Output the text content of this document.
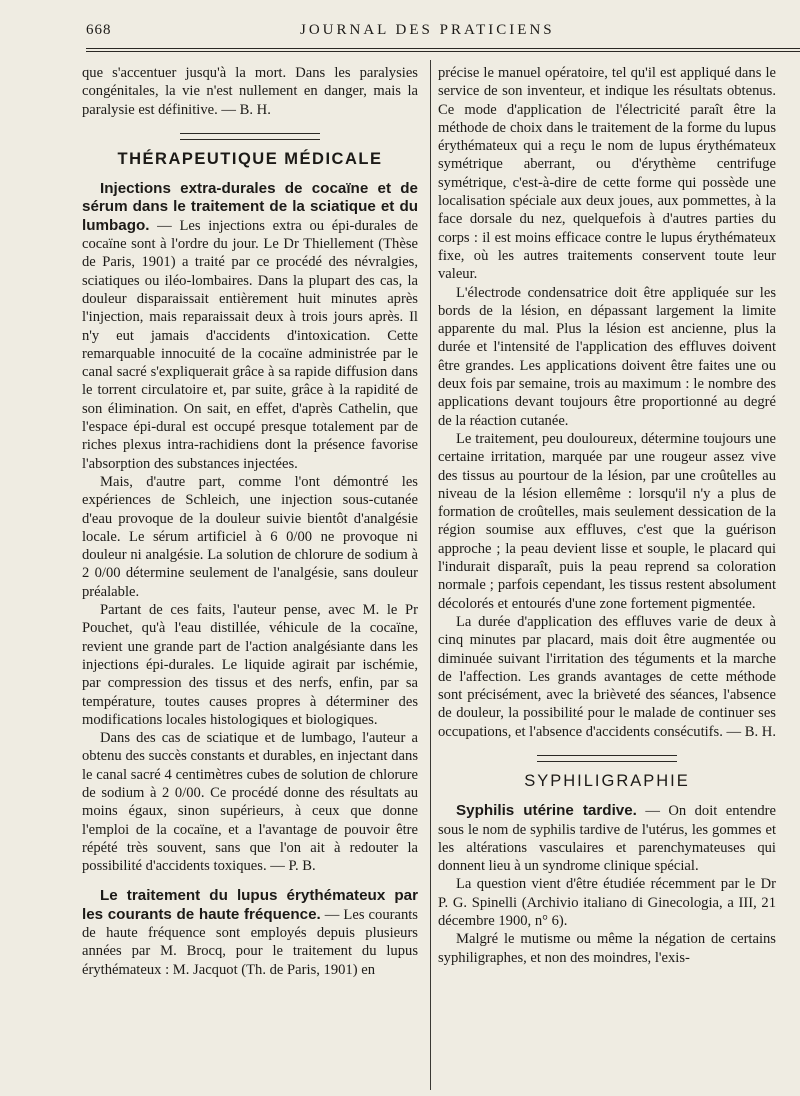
668	JOURNAL DES PRATICIENS

que s'accentuer jusqu'à la mort. Dans les paralysies congénitales, la vie n'est nullement en danger, mais la paralysie est définitive. — B. H.

THÉRAPEUTIQUE MÉDICALE

Injections extra-durales de cocaïne et de sérum dans le traitement de la sciatique et du lumbago. — Les injections extra ou épi-durales de cocaïne sont à l'ordre du jour. Le Dr Thiellement (Thèse de Paris, 1901) a traité par ce procédé des névralgies, sciatiques ou iléo-lombaires. Dans la plupart des cas, la douleur disparaissait entièrement huit minutes après l'injection, mais reparaissait deux à trois jours après. Il n'y eut jamais d'accidents d'intoxication. Cette remarquable innocuité de la cocaïne administrée par le canal sacré s'expliquerait grâce à sa rapide diffusion dans le torrent circulatoire et, par suite, grâce à la rapidité de son élimination. On sait, en effet, d'après Cathelin, que l'espace épi-dural est occupé presque totalement par de riches plexus intra-rachidiens dont la présence favorise l'absorption des substances injectées.

Mais, d'autre part, comme l'ont démontré les expériences de Schleich, une injection sous-cutanée d'eau provoque de la douleur suivie bientôt d'analgésie locale. Le sérum artificiel à 6 0/00 ne provoque ni douleur ni analgésie. La solution de chlorure de sodium à 2 0/00 détermine seulement de l'analgésie, sans douleur préalable.

Partant de ces faits, l'auteur pense, avec M. le Pr Pouchet, qu'à l'eau distillée, véhicule de la cocaïne, revient une grande part de l'action analgésiante dans les injections épi-durales. Le liquide agirait par ischémie, par compression des tissus et des nerfs, enfin, par sa température, toutes causes propres à déterminer des modifications locales histologiques et biologiques.

Dans des cas de sciatique et de lumbago, l'auteur a obtenu des succès constants et durables, en injectant dans le canal sacré 4 centimètres cubes de solution de chlorure de sodium à 2 0/00. Ce procédé donne des résultats au moins égaux, sinon supérieurs, à ceux que donne l'emploi de la cocaïne, et a l'avantage de pouvoir être répété très souvent, sans que l'on ait à redouter la possibilité d'accidents toxiques. — P. B.

Le traitement du lupus érythémateux par les courants de haute fréquence. — Les courants de haute fréquence sont employés depuis plusieurs années par M. Brocq, pour le traitement du lupus érythémateux : M. Jacquot (Th. de Paris, 1901) en

précise le manuel opératoire, tel qu'il est appliqué dans le service de son inventeur, et indique les résultats obtenus. Ce mode d'application de l'électricité paraît être la méthode de choix dans le traitement de la forme du lupus érythémateux qui a reçu le nom de lupus érythémateux symétrique aberrant, ou d'érythème centrifuge symétrique, c'est-à-dire de cette forme qui possède une localisation spéciale aux deux joues, aux pommettes, à la face dorsale du nez, quelquefois à d'autres parties du corps : il est moins efficace contre le lupus érythémateux fixe, où les autres traitements conservent toute leur valeur.

L'électrode condensatrice doit être appliquée sur les bords de la lésion, en dépassant largement la limite apparente du mal. Plus la lésion est ancienne, plus la durée et l'intensité de l'application des effluves doivent être grandes. Les applications doivent être faites une ou deux fois par semaine, trois au maximum : le nombre des applications devant toujours être proportionné au degré de la réaction cutanée.

Le traitement, peu douloureux, détermine toujours une certaine irritation, marquée par une rougeur assez vive des tissus au pourtour de la lésion, par une croûtelles au niveau de la lésion ellemême : lorsqu'il n'y a plus de formation de croûtelles, mais seulement dessication de la région soumise aux effluves, c'est que la guérison approche ; la peau devient lisse et souple, le placard qui l'indurait disparaît, puis la peau reprend sa coloration normale ; parfois cependant, les tissus restent absolument décolorés et entourés d'une zone fortement pigmentée.

La durée d'application des effluves varie de deux à cinq minutes par placard, mais doit être augmentée ou diminuée suivant l'irritation des téguments et la marche de l'affection. Les grands avantages de cette méthode sont précisément, avec la brièveté des séances, l'absence de douleur, la possibilité pour le malade de continuer ses occupations, et l'absence d'accidents consécutifs. — B. H.

SYPHILIGRAPHIE

Syphilis utérine tardive. — On doit entendre sous le nom de syphilis tardive de l'utérus, les gommes et les altérations vasculaires et parenchymateuses qui donnent lieu à un syndrome clinique spécial.

La question vient d'être étudiée récemment par le Dr P. G. Spinelli (Archivio italiano di Ginecologia, a III, 21 décembre 1900, n° 6).

Malgré le mutisme ou même la négation de certains syphiligraphes, et non des moindres, l'exis-
